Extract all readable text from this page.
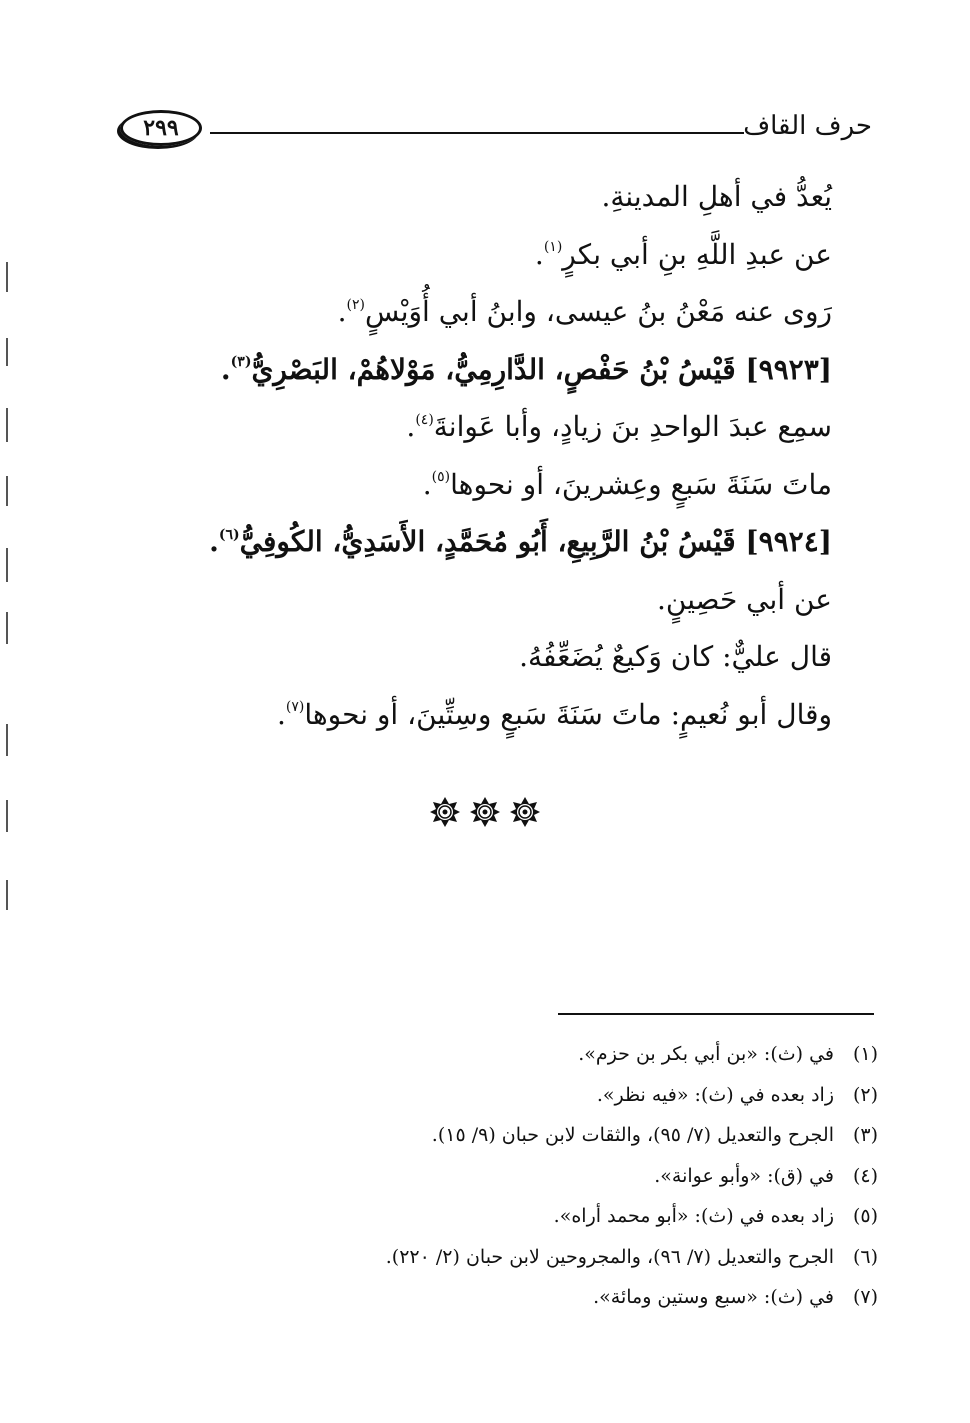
٢٩٩	حرف القاف
يُعدُّ في أهلِ المدينةِ.
عن عبدِ اللَّهِ بنِ أبي بكرٍ$^{(١)}$.
رَوى عنه مَعْنُ بنُ عيسى، وابنُ أبي أُوَيْسٍ$^{(٢)}$.
[٩٩٢٣] قَيْسُ بْنُ حَفْصٍ، الدَّارِمِيُّ، مَوْلاهُمْ، البَصْرِيُّ$^{(٣)}$.
سمِع عبدَ الواحدِ بنَ زيادٍ، وأبا عَوانةَ$^{(٤)}$.
ماتَ سَنَةَ سَبعٍ وعِشرينَ، أو نحوها$^{(٥)}$.
[٩٩٢٤] قَيْسُ بْنُ الرَّبِيعِ، أَبُو مُحَمَّدٍ، الأَسَدِيُّ، الكُوفِيُّ$^{(٦)}$.
عن أبي حَصِينٍ.
قال عليٌّ: كان وَكيعٌ يُضَعِّفُهُ.
وقال أبو نُعيمٍ: ماتَ سَنَةَ سَبعٍ وسِتِّينَ، أو نحوها$^{(٧)}$.
(١)في (ث): «بن أبي بكر بن حزم».
(٢)زاد بعده في (ث): «فيه نظر».
(٣)الجرح والتعديل (٧/ ٩٥)، والثقات لابن حبان (٩/ ١٥).
(٤)في (ق): «وأبو عوانة».
(٥)زاد بعده في (ث): «أبو محمد أراه».
(٦)الجرح والتعديل (٧/ ٩٦)، والمجروحين لابن حبان (٢/ ٢٢٠).
(٧)في (ث): «سبع وستين ومائة».
